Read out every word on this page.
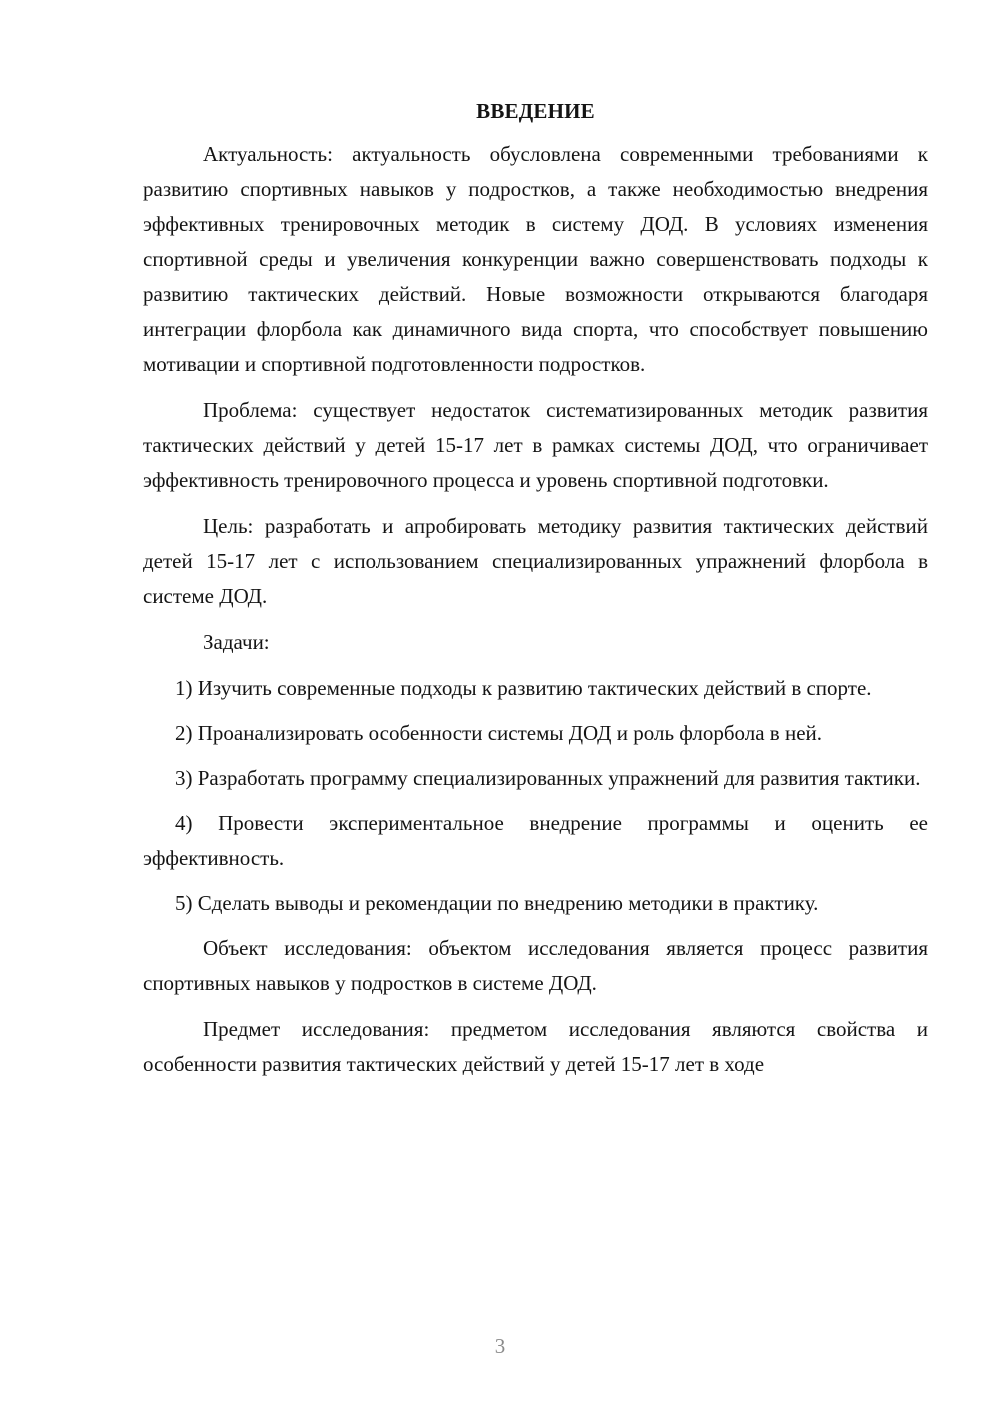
ВВЕДЕНИЕ

Актуальность: актуальность обусловлена современными требованиями к развитию спортивных навыков у подростков, а также необходимостью внедрения эффективных тренировочных методик в систему ДОД. В условиях изменения спортивной среды и увеличения конкуренции важно совершенствовать подходы к развитию тактических действий. Новые возможности открываются благодаря интеграции флорбола как динамичного вида спорта, что способствует повышению мотивации и спортивной подготовленности подростков.

Проблема: существует недостаток систематизированных методик развития тактических действий у детей 15-17 лет в рамках системы ДОД, что ограничивает эффективность тренировочного процесса и уровень спортивной подготовки.

Цель: разработать и апробировать методику развития тактических действий детей 15-17 лет с использованием специализированных упражнений флорбола в системе ДОД.

Задачи:

1) Изучить современные подходы к развитию тактических действий в спорте.

2) Проанализировать особенности системы ДОД и роль флорбола в ней.

3) Разработать программу специализированных упражнений для развития тактики.

4) Провести экспериментальное внедрение программы и оценить ее эффективность.

5) Сделать выводы и рекомендации по внедрению методики в практику.

Объект исследования: объектом исследования является процесс развития спортивных навыков у подростков в системе ДОД.

Предмет исследования: предметом исследования являются свойства и особенности развития тактических действий у детей 15-17 лет в ходе

3
